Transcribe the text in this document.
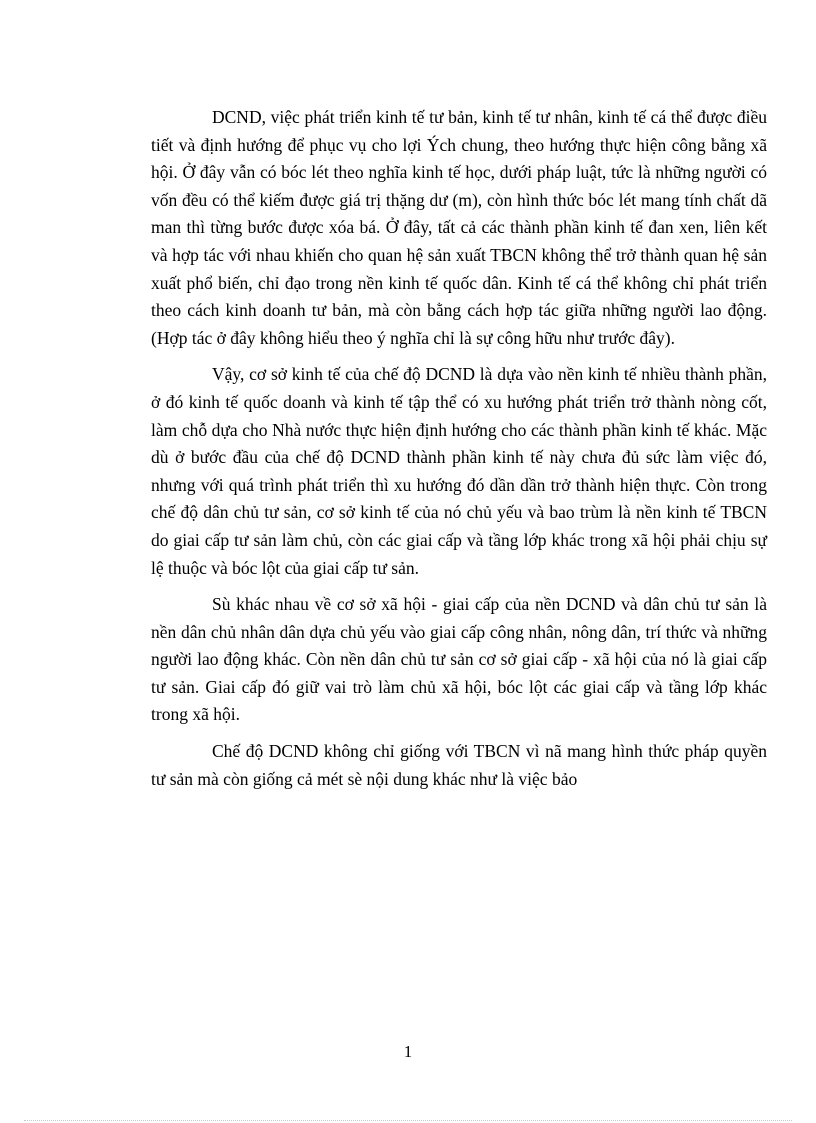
DCND, việc phát triển kinh tế tư bản, kinh tế tư nhân, kinh tế cá thể được điều tiết và định hướng để phục vụ cho lợi Ých chung, theo hướng thực hiện công bằng xã hội. Ở đây vẫn có bóc lét theo nghĩa kinh tế học, dưới pháp luật, tức là những người có vốn đều có thể kiếm được giá trị thặng dư (m), còn hình thức bóc lét mang tính chất dã man thì từng bước được xóa bá. Ở đây, tất cả các thành phần kinh tế đan xen, liên kết và hợp tác với nhau khiến cho quan hệ sản xuất TBCN không thể trở thành quan hệ sản xuất phổ biến, chỉ đạo trong nền kinh tế quốc dân. Kinh tế cá thể không chỉ phát triển theo cách kinh doanh tư bản, mà còn bằng cách hợp tác giữa những người lao động. (Hợp tác ở đây không hiểu theo ý nghĩa chỉ là sự công hữu như trước đây).

Vậy, cơ sở kinh tế của chế độ DCND là dựa vào nền kinh tế nhiều thành phần, ở đó kinh tế quốc doanh và kinh tế tập thể có xu hướng phát triển trở thành nòng cốt, làm chỗ dựa cho Nhà nước thực hiện định hướng cho các thành phần kinh tế khác. Mặc dù ở bước đầu của chế độ DCND thành phần kinh tế này chưa đủ sức làm việc đó, nhưng với quá trình phát triển thì xu hướng đó dần dần trở thành hiện thực. Còn trong chế độ dân chủ tư sản, cơ sở kinh tế của nó chủ yếu và bao trùm là nền kinh tế TBCN do giai cấp tư sản làm chủ, còn các giai cấp và tầng lớp khác trong xã hội phải chịu sự lệ thuộc và bóc lột của giai cấp tư sản.

Sù khác nhau về cơ sở xã hội - giai cấp của nền DCND và dân chủ tư sản là nền dân chủ nhân dân dựa chủ yếu vào giai cấp công nhân, nông dân, trí thức và những người lao động khác. Còn nền dân chủ tư sản cơ sở giai cấp - xã hội của nó là giai cấp tư sản. Giai cấp đó giữ vai trò làm chủ xã hội, bóc lột các giai cấp và tầng lớp khác trong xã hội.

Chế độ DCND không chỉ giống với TBCN vì nã mang hình thức pháp quyền tư sản mà còn giống cả mét sè nội dung khác như là việc bảo

1
